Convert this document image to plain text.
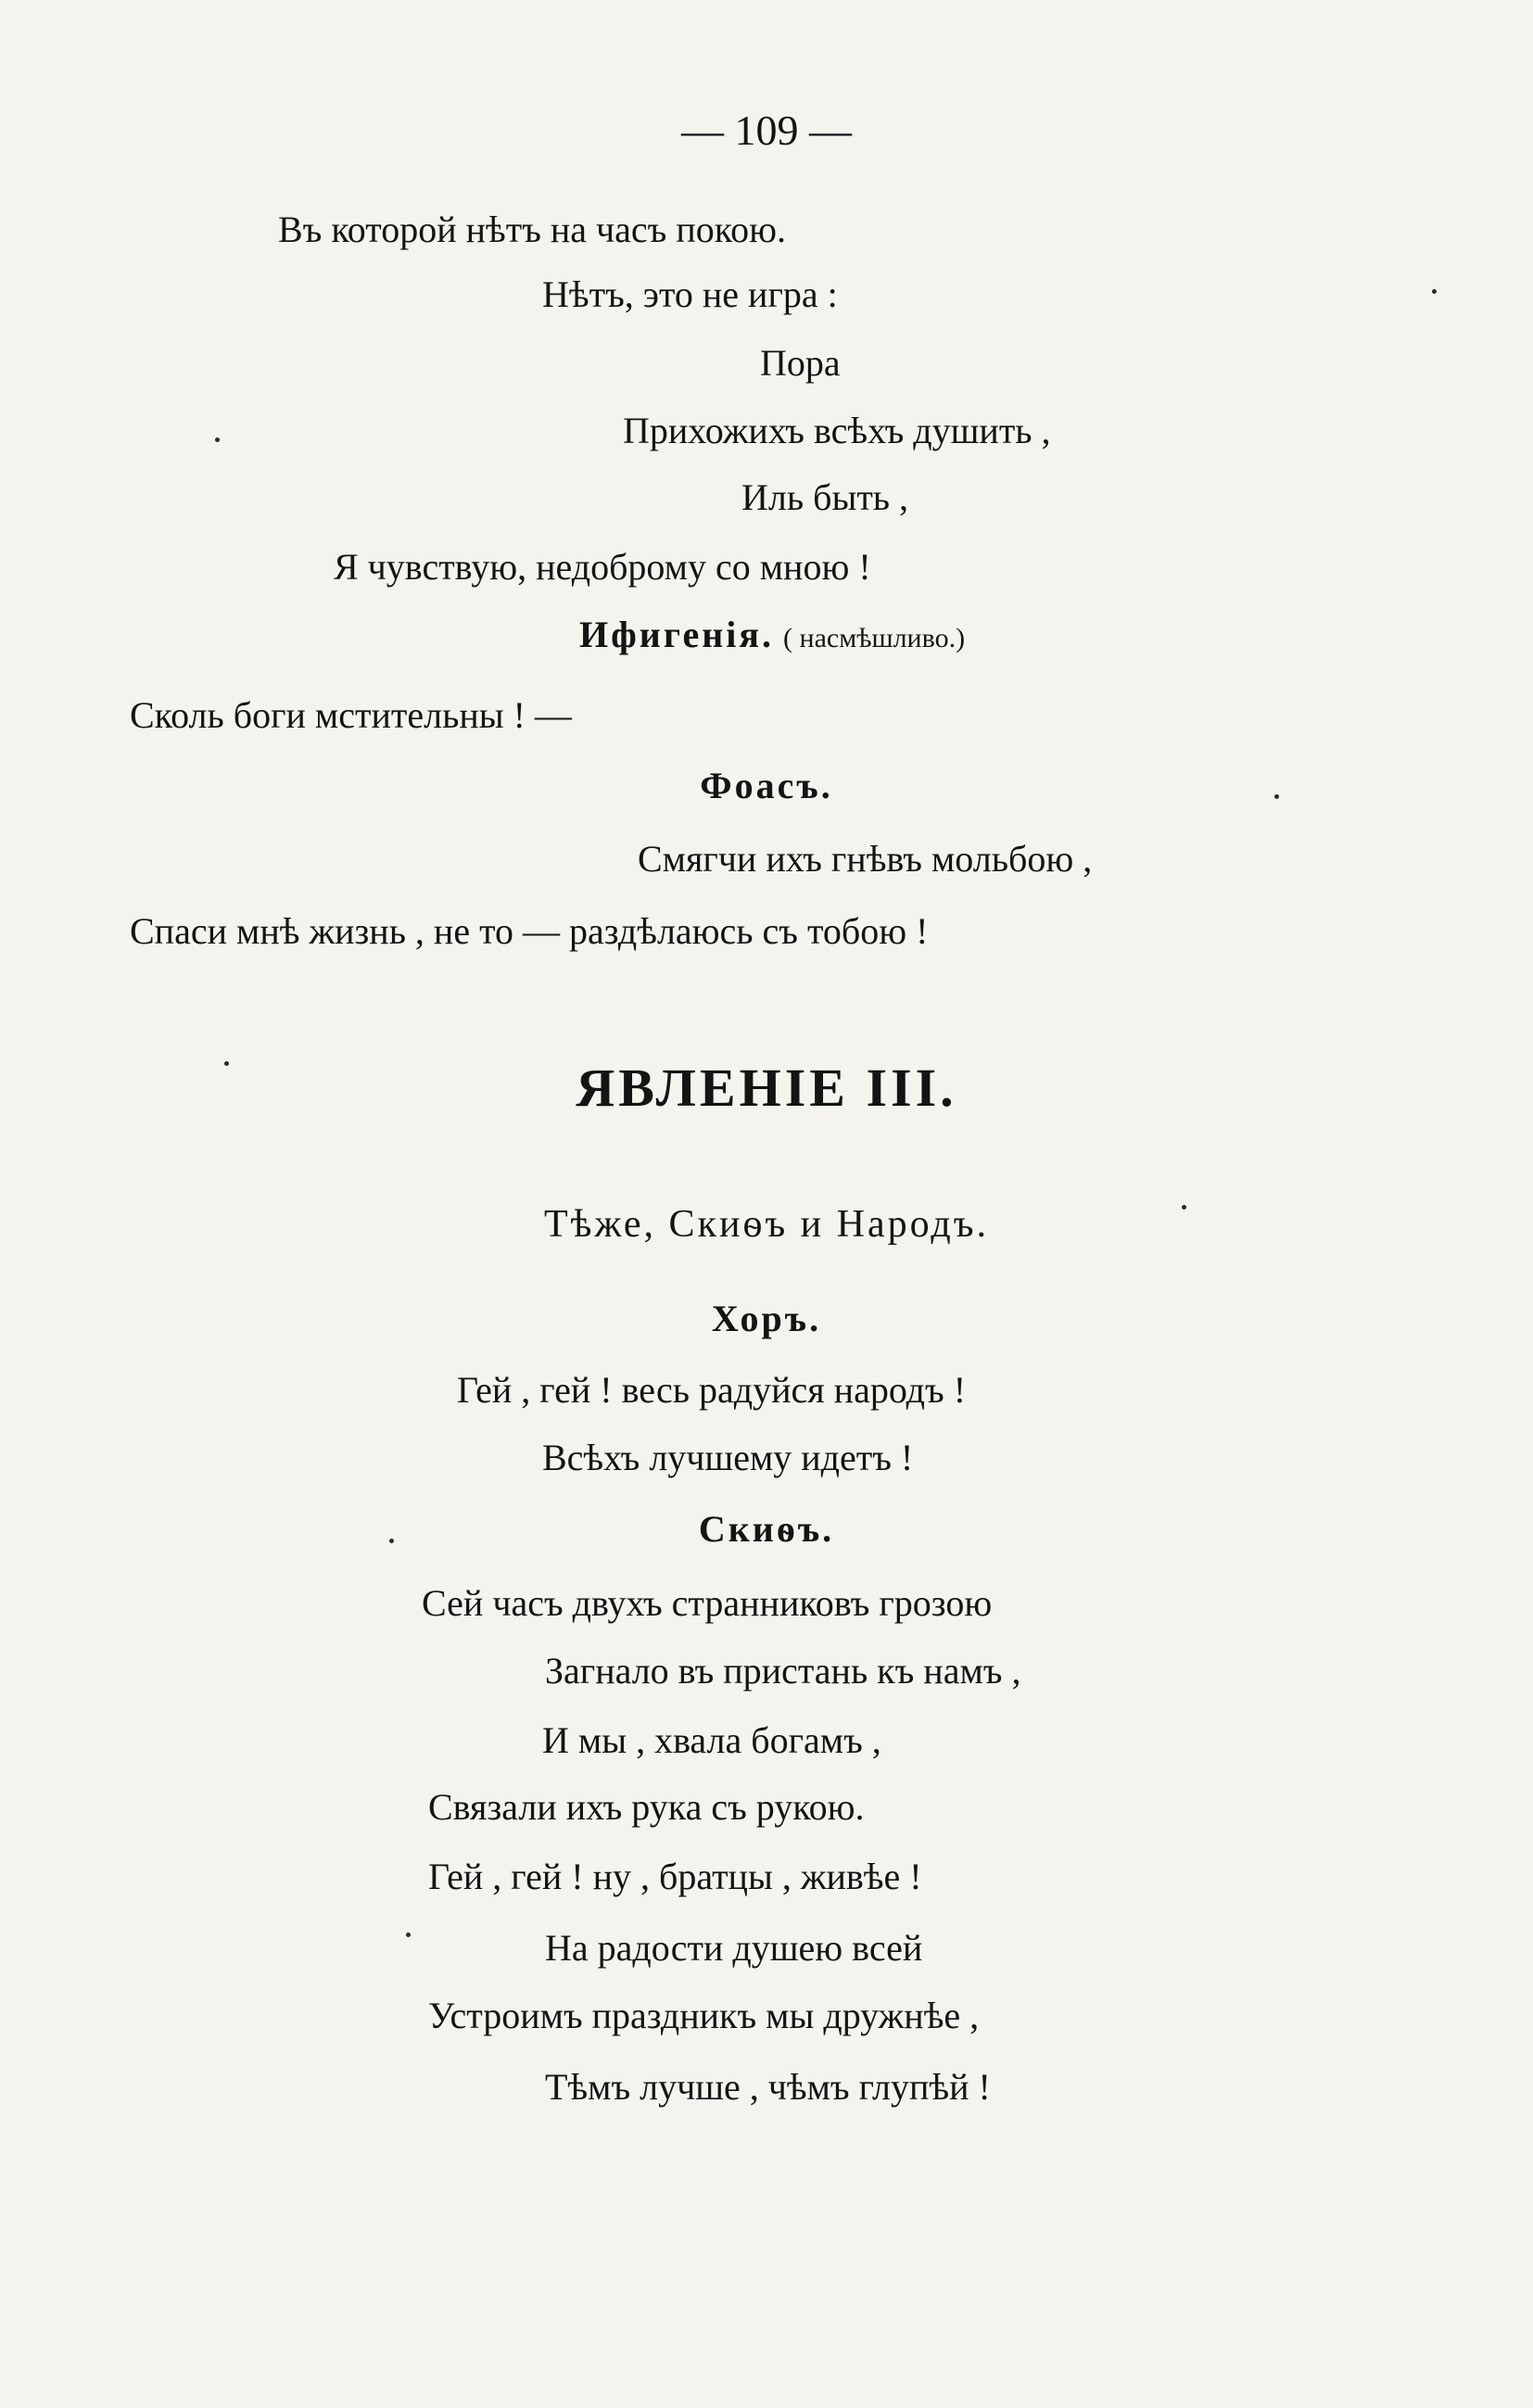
— 109 —
Въ которой нѣтъ на часъ покою.
Нѣтъ, это не игра :
Пора
Прихожихъ всѣхъ душить ,
Иль быть ,
Я чувствую, недоброму со мною !
Ифигенія. ( насмѣшливо.)
Сколь боги мстительны ! —
Фоасъ.
Смягчи ихъ гнѣвъ мольбою ,
Спаси мнѣ жизнь , не то — раздѣлаюсь съ тобою !
ЯВЛЕНІЕ III.
Тѣже, Скиѳъ и Народъ.
Хоръ.
Гей , гей ! весь радуйся народъ !
Всѣхъ лучшему идетъ !
Скиѳъ.
Сей часъ двухъ странниковъ грозою
Загнало въ пристань къ намъ ,
И мы , хвала богамъ ,
Связали ихъ рука съ рукою.
Гей , гей ! ну , братцы , живѣе !
На радости душею всей
Устроимъ праздникъ мы дружнѣе ,
Тѣмъ лучше , чѣмъ глупѣй !
